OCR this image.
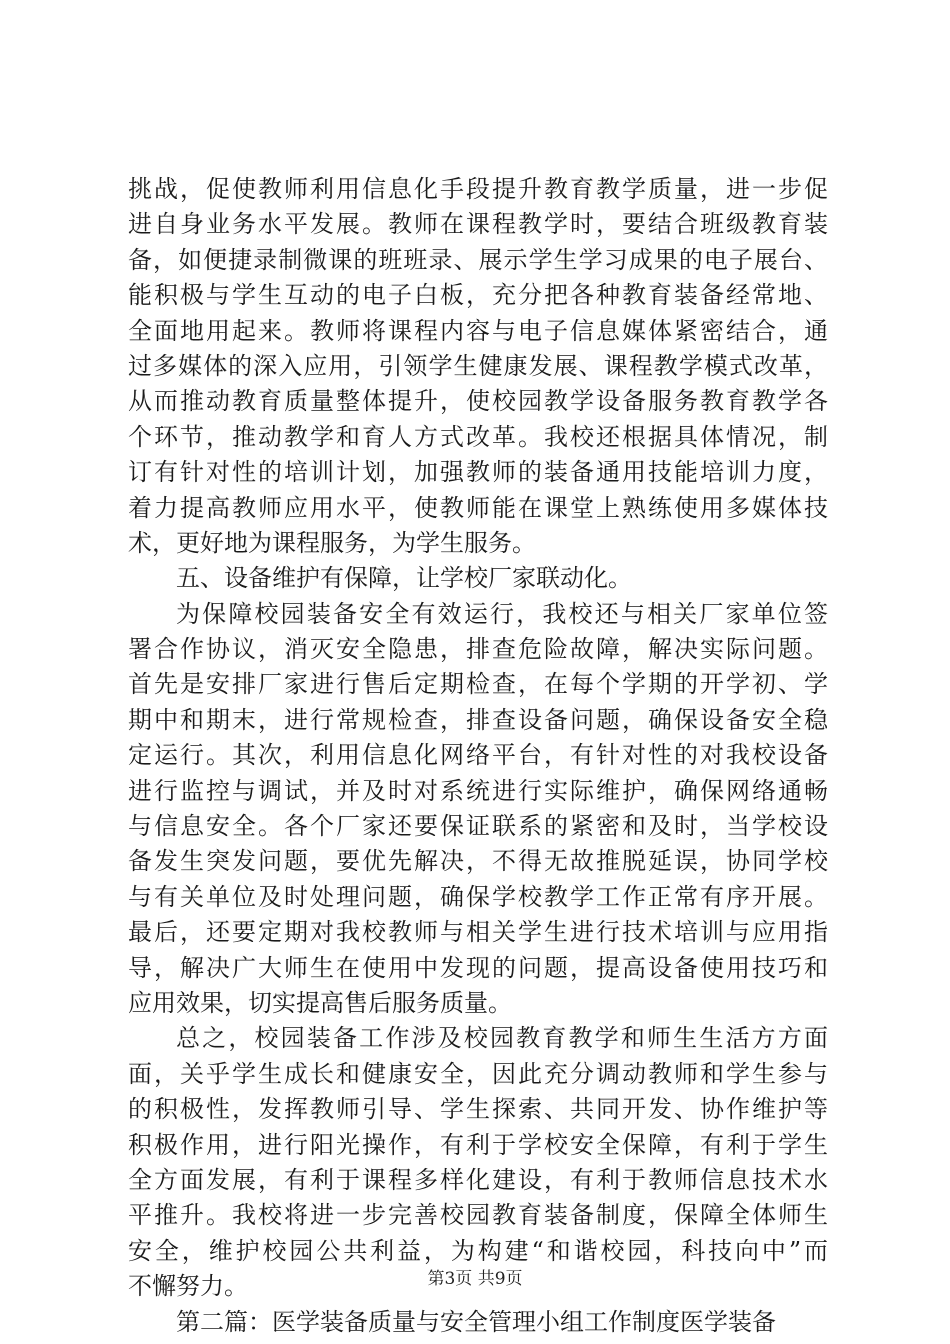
挑战，促使教师利用信息化手段提升教育教学质量，进一步促
进自身业务水平发展。教师在课程教学时，要结合班级教育装
备，如便捷录制微课的班班录、展示学生学习成果的电子展台、
能积极与学生互动的电子白板，充分把各种教育装备经常地、
全面地用起来。教师将课程内容与电子信息媒体紧密结合，通
过多媒体的深入应用，引领学生健康发展、课程教学模式改革，
从而推动教育质量整体提升，使校园教学设备服务教育教学各
个环节，推动教学和育人方式改革。我校还根据具体情况，制
订有针对性的培训计划，加强教师的装备通用技能培训力度，
着力提高教师应用水平，使教师能在课堂上熟练使用多媒体技
术，更好地为课程服务，为学生服务。
五、设备维护有保障，让学校厂家联动化。
为保障校园装备安全有效运行，我校还与相关厂家单位签
署合作协议，消灭安全隐患，排查危险故障，解决实际问题。
首先是安排厂家进行售后定期检查，在每个学期的开学初、学
期中和期末，进行常规检查，排查设备问题，确保设备安全稳
定运行。其次，利用信息化网络平台，有针对性的对我校设备
进行监控与调试，并及时对系统进行实际维护，确保网络通畅
与信息安全。各个厂家还要保证联系的紧密和及时，当学校设
备发生突发问题，要优先解决，不得无故推脱延误，协同学校
与有关单位及时处理问题，确保学校教学工作正常有序开展。
最后，还要定期对我校教师与相关学生进行技术培训与应用指
导，解决广大师生在使用中发现的问题，提高设备使用技巧和
应用效果，切实提高售后服务质量。
总之，校园装备工作涉及校园教育教学和师生生活方方面
面，关乎学生成长和健康安全，因此充分调动教师和学生参与
的积极性，发挥教师引导、学生探索、共同开发、协作维护等
积极作用，进行阳光操作，有利于学校安全保障，有利于学生
全方面发展，有利于课程多样化建设，有利于教师信息技术水
平推升。我校将进一步完善校园教育装备制度，保障全体师生
安全，维护校园公共利益，为构建“和谐校园，科技向中”而
不懈努力。
第二篇：医学装备质量与安全管理小组工作制度医学装备
第3页 共9页
